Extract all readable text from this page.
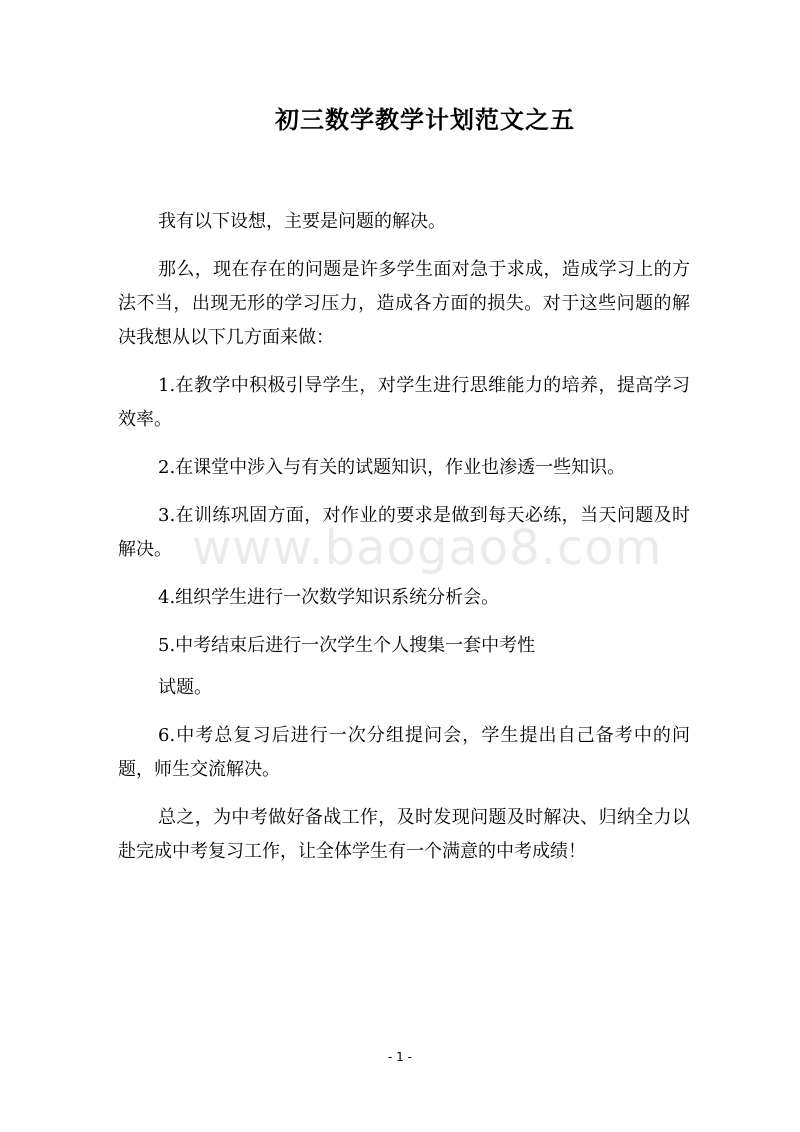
初三数学教学计划范文之五

我有以下设想，主要是问题的解决。

那么，现在存在的问题是许多学生面对急于求成，造成学习上的方法不当，出现无形的学习压力，造成各方面的损失。对于这些问题的解决我想从以下几方面来做：

1.在教学中积极引导学生，对学生进行思维能力的培养，提高学习效率。

2.在课堂中涉入与有关的试题知识，作业也渗透一些知识。

3.在训练巩固方面，对作业的要求是做到每天必练，当天问题及时解决。

4.组织学生进行一次数学知识系统分析会。

5.中考结束后进行一次学生个人搜集一套中考性

试题。

6.中考总复习后进行一次分组提问会，学生提出自己备考中的问题，师生交流解决。

总之，为中考做好备战工作，及时发现问题及时解决、归纳全力以赴完成中考复习工作，让全体学生有一个满意的中考成绩！

www.baogao8.com
- 1 -
